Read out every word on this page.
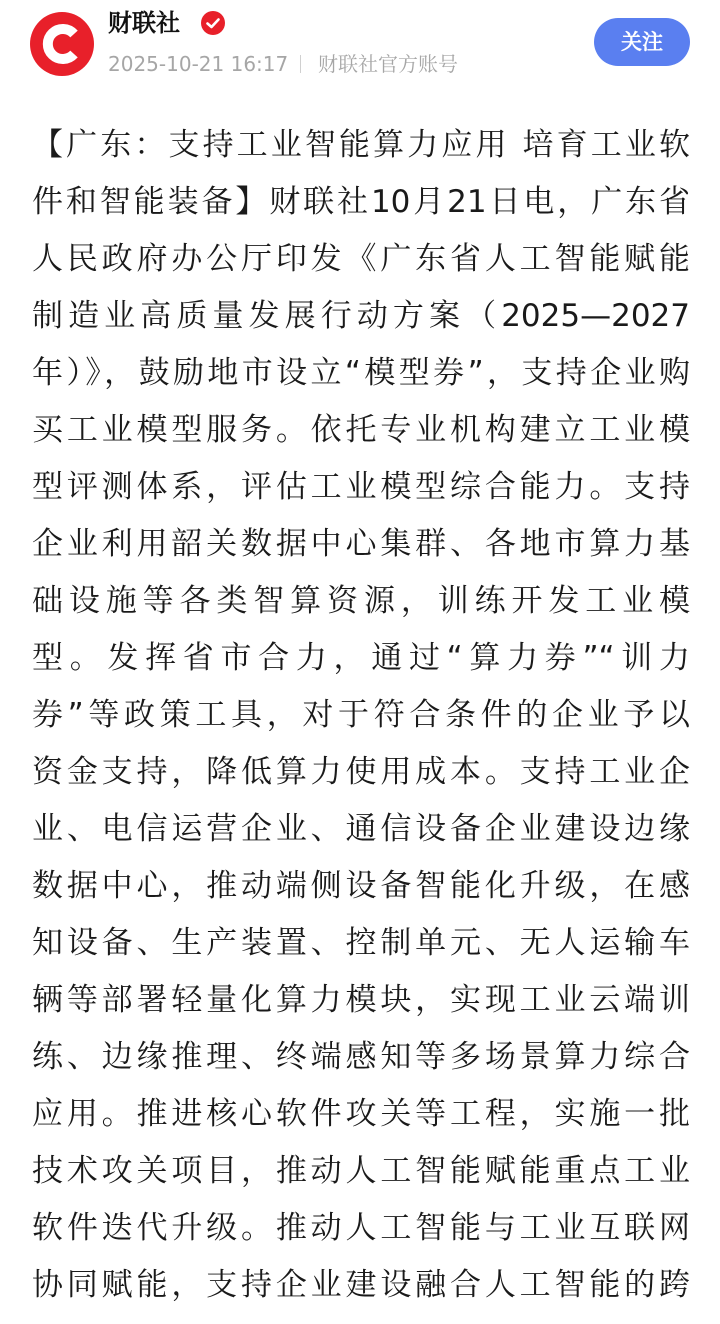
财联社
2025-10-21 16:17 财联社官方账号
关注
【广东：支持工业智能算力应用 培育工业软
件和智能装备】财联社10月21日电，广东省
人民政府办公厅印发《广东省人工智能赋能
制造业高质量发展行动方案（2025—2027
年）》，鼓励地市设立“模型券”，支持企业购
买工业模型服务。依托专业机构建立工业模
型评测体系，评估工业模型综合能力。支持
企业利用韶关数据中心集群、各地市算力基
础设施等各类智算资源，训练开发工业模
型。发挥省市合力，通过“算力券”“训力
券”等政策工具，对于符合条件的企业予以
资金支持，降低算力使用成本。支持工业企
业、电信运营企业、通信设备企业建设边缘
数据中心，推动端侧设备智能化升级，在感
知设备、生产装置、控制单元、无人运输车
辆等部署轻量化算力模块，实现工业云端训
练、边缘推理、终端感知等多场景算力综合
应用。推进核心软件攻关等工程，实施一批
技术攻关项目，推动人工智能赋能重点工业
软件迭代升级。推动人工智能与工业互联网
协同赋能，支持企业建设融合人工智能的跨
